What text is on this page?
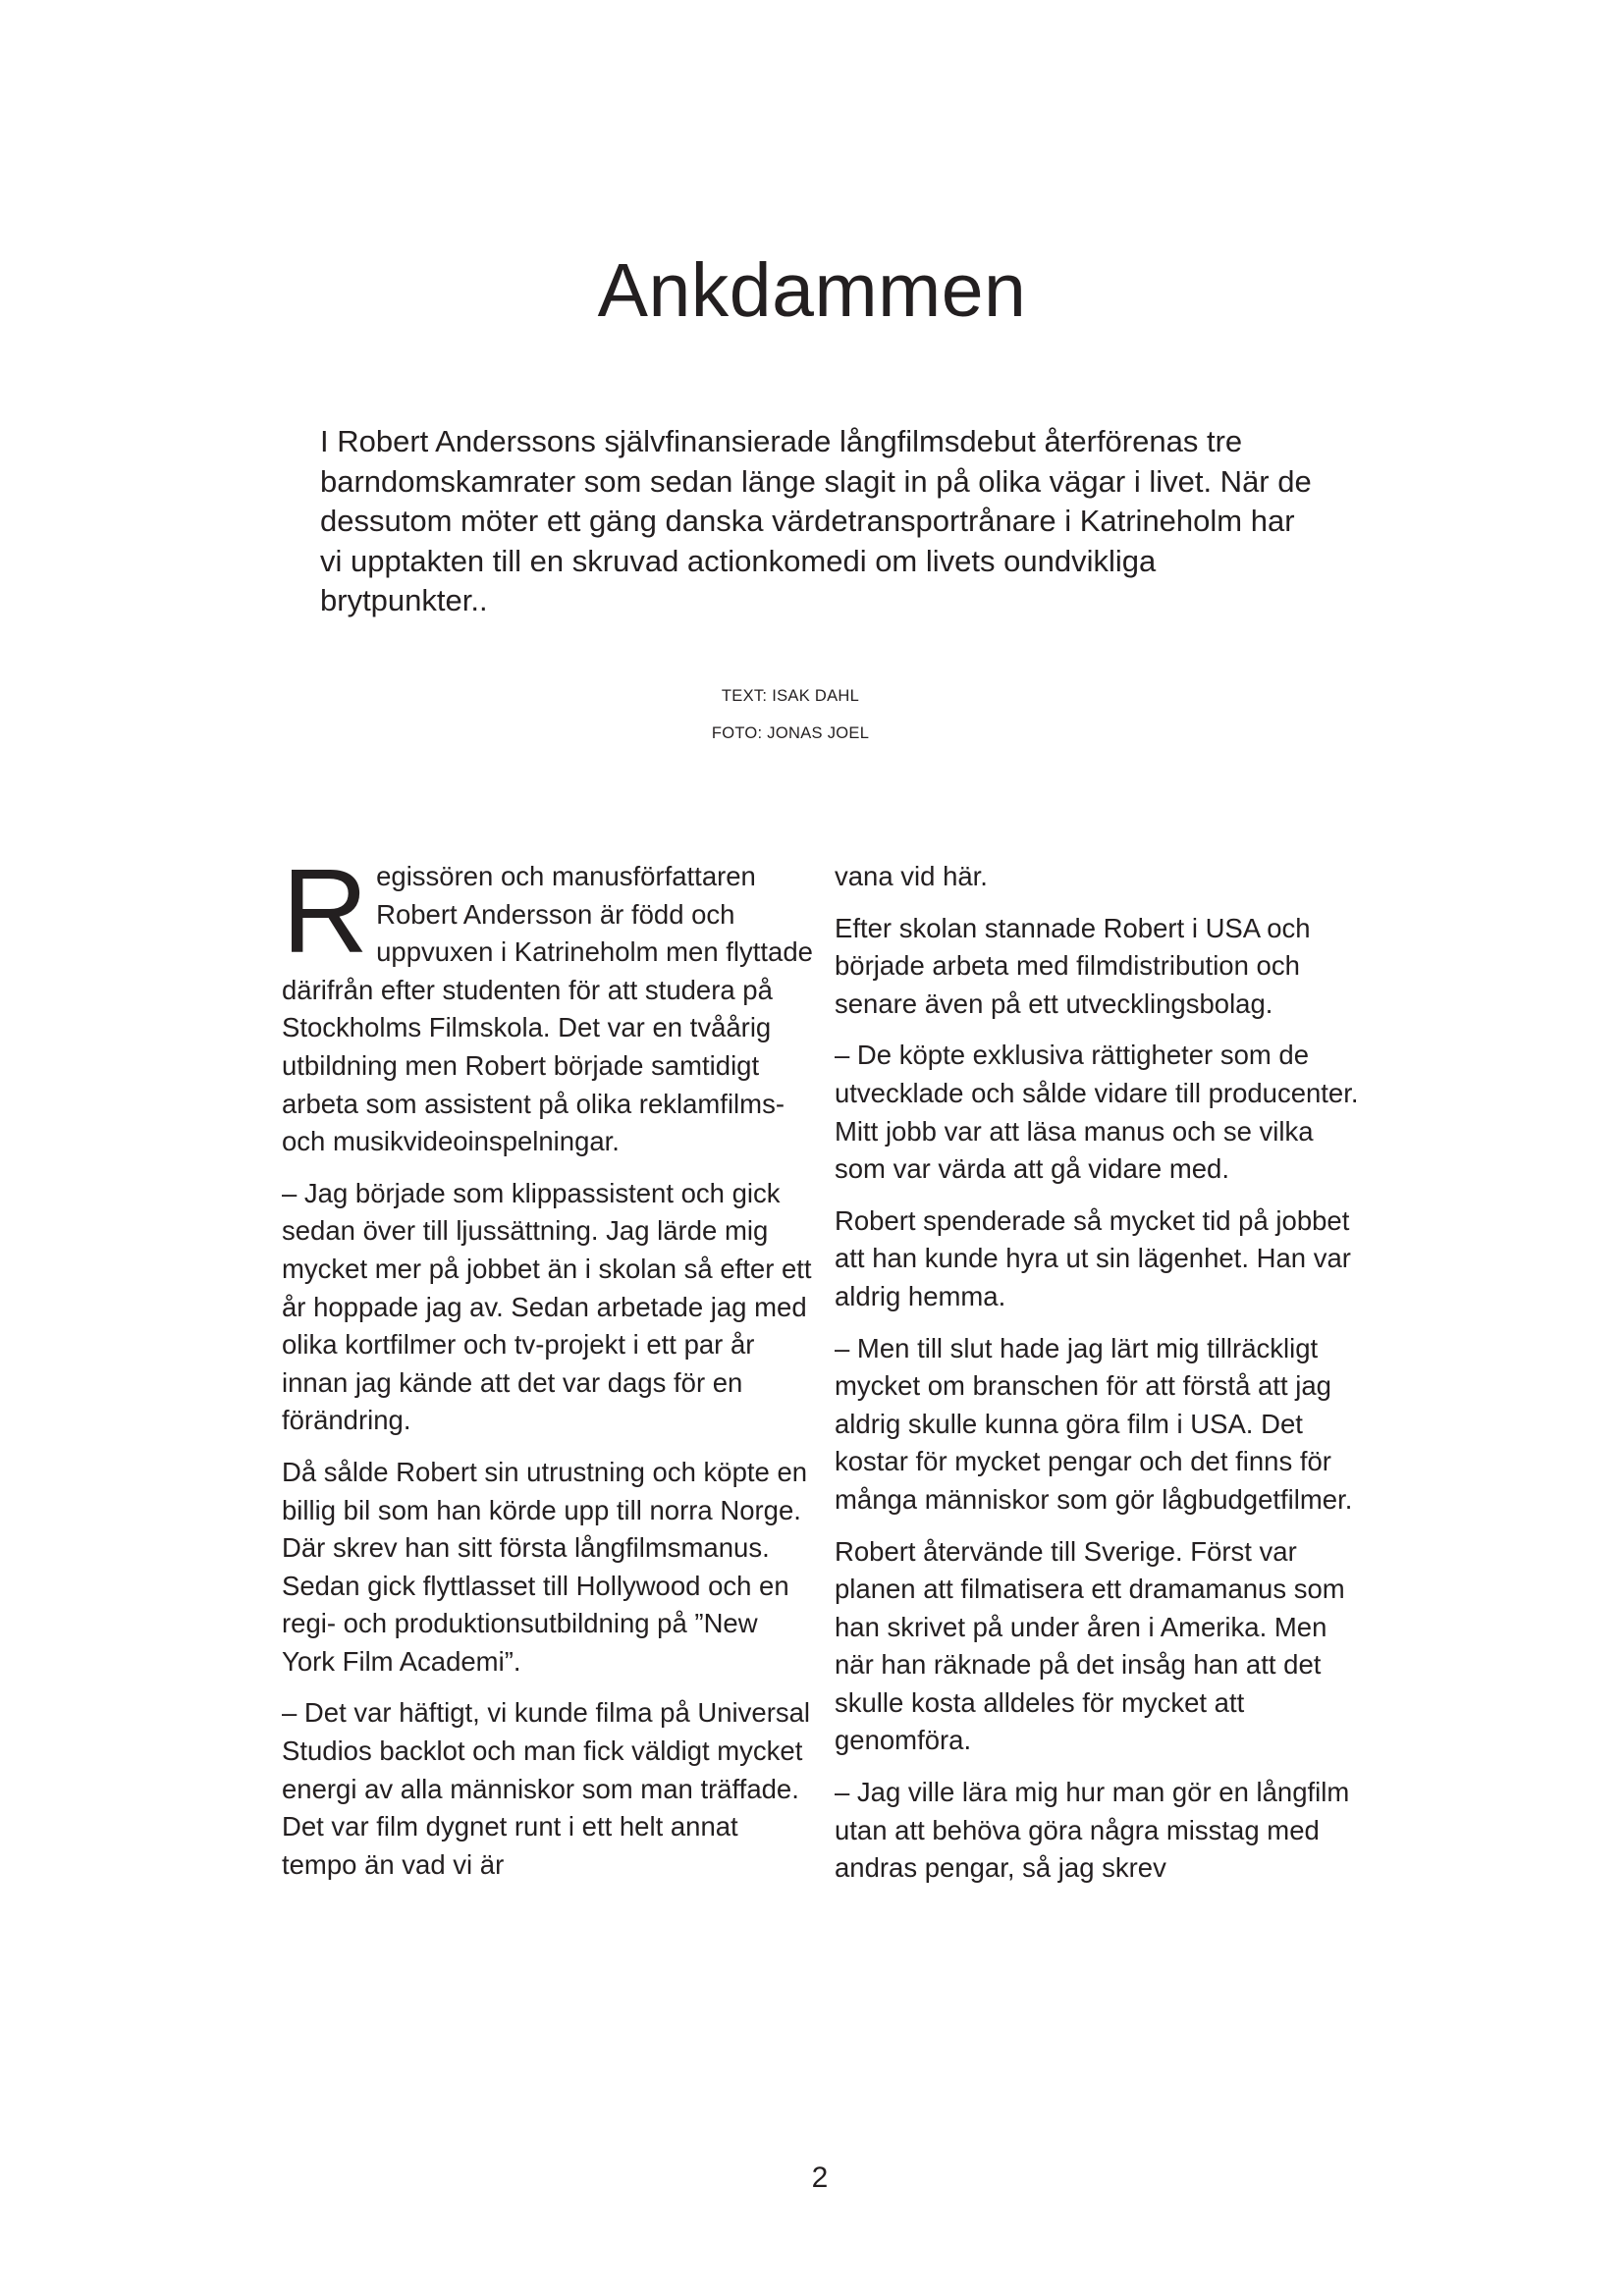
Ankdammen

I Robert Anderssons självfinansierade långfilmsdebut återförenas tre barndomskamrater som sedan länge slagit in på olika vägar i livet. När de dessutom möter ett gäng danska värdetransportrånare i Katrineholm har vi upptakten till en skruvad actionkomedi om livets oundvikliga brytpunkter..

TEXT: ISAK DAHL

FOTO: JONAS JOEL

Regissören och manusförfattaren Robert Andersson är född och uppvuxen i Katrineholm men flyttade därifrån efter studenten för att studera på Stockholms Filmskola. Det var en tvåårig utbildning men Robert började samtidigt arbeta som assistent på olika reklamfilms- och musikvideoinspelningar.

– Jag började som klippassistent och gick sedan över till ljussättning. Jag lärde mig mycket mer på jobbet än i skolan så efter ett år hoppade jag av. Sedan arbetade jag med olika kortfilmer och tv-projekt i ett par år innan jag kände att det var dags för en förändring.

Då sålde Robert sin utrustning och köpte en billig bil som han körde upp till norra Norge. Där skrev han sitt första långfilmsmanus. Sedan gick flyttlasset till Hollywood och en regi- och produktionsutbildning på ”New York Film Academi”.

– Det var häftigt, vi kunde filma på Universal Studios backlot och man fick väldigt mycket energi av alla människor som man träffade. Det var film dygnet runt i ett helt annat tempo än vad vi är

vana vid här.

Efter skolan stannade Robert i USA och började arbeta med filmdistribution och senare även på ett utvecklingsbolag.

– De köpte exklusiva rättigheter som de utvecklade och sålde vidare till producenter. Mitt jobb var att läsa manus och se vilka som var värda att gå vidare med.

Robert spenderade så mycket tid på jobbet att han kunde hyra ut sin lägenhet. Han var aldrig hemma.

– Men till slut hade jag lärt mig tillräckligt mycket om branschen för att förstå att jag aldrig skulle kunna göra film i USA. Det kostar för mycket pengar och det finns för många människor som gör lågbudgetfilmer.

Robert återvände till Sverige. Först var planen att filmatisera ett dramamanus som han skrivet på under åren i Amerika. Men när han räknade på det insåg han att det skulle kosta alldeles för mycket att genomföra.

– Jag ville lära mig hur man gör en långfilm utan att behöva göra några misstag med andras pengar, så jag skrev

2
